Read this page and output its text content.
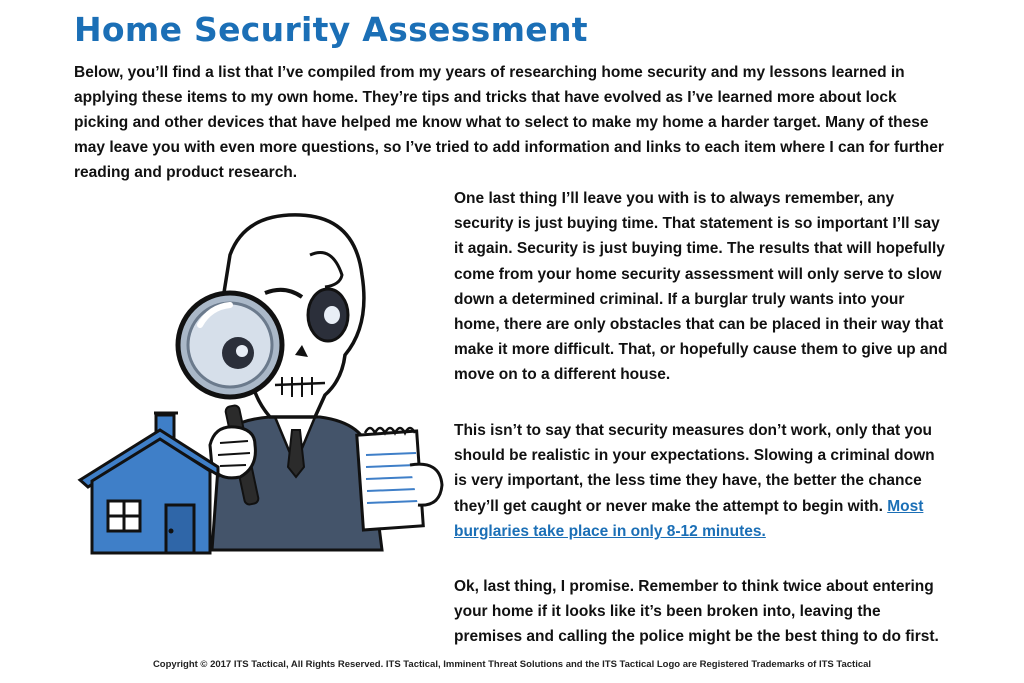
Home Security Assessment

Below, you’ll find a list that I’ve compiled from my years of researching home security and my lessons learned in applying these items to my own home. They’re tips and tricks that have evolved as I’ve learned more about lock picking and other devices that have helped me know what to select to make my home a harder target. Many of these may leave you with even more questions, so I’ve tried to add information and links to each item where I can for further reading and product research.

One last thing I’ll leave you with is to always remember, any security is just buying time. That statement is so important I’ll say it again. Security is just buying time. The results that will hopefully come from your home security assessment will only serve to slow down a determined criminal. If a burglar truly wants into your home, there are only obstacles that can be placed in their way that make it more difficult. That, or hopefully cause them to give up and move on to a different house.

This isn’t to say that security measures don’t work, only that you should be realistic in your expectations. Slowing a criminal down is very important, the less time they have, the better the chance they’ll get caught or never make the attempt to begin with. Most burglaries take place in only 8-12 minutes.

Ok, last thing, I promise. Remember to think twice about entering your home if it looks like it’s been broken into, leaving the premises and calling the police might be the best thing to do first.

Copyright © 2017 ITS Tactical, All Rights Reserved. ITS Tactical, Imminent Threat Solutions and the ITS Tactical Logo are Registered Trademarks of ITS Tactical
